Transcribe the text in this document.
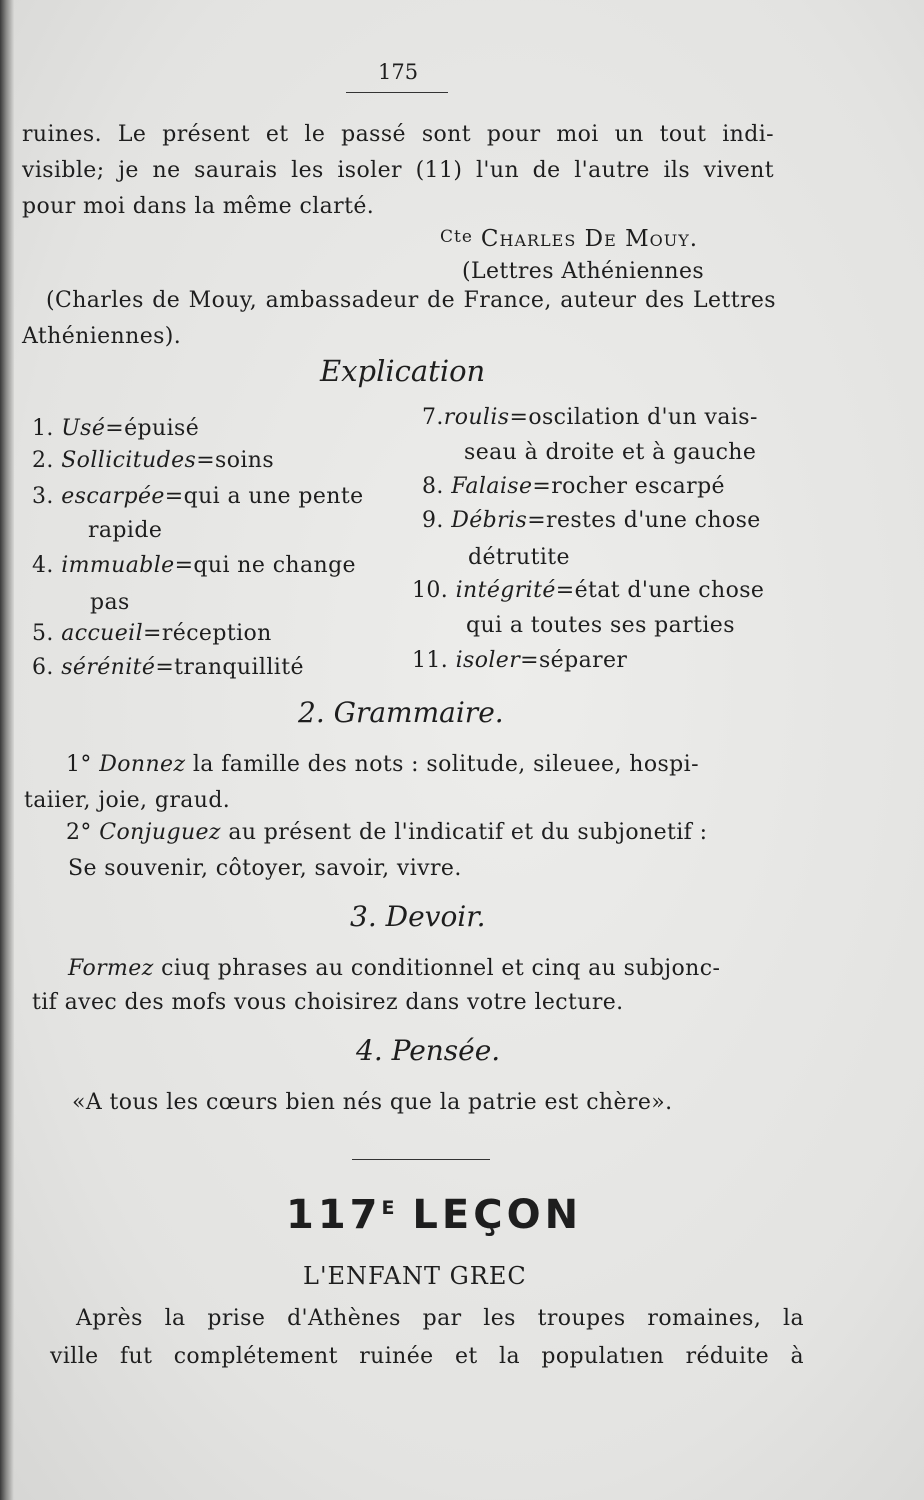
175
ruines. Le présent et le passé sont pour moi un tout indi-
visible; je ne saurais les isoler (11) l'un de l'autre ils vivent
pour moi dans la même clarté.
Cte Charles De Mouy.
(Lettres Athéniennes
(Charles de Mouy, ambassadeur de France, auteur des Lettres
Athéniennes).
Explication
1. Usé=épuisé
2. Sollicitudes=soins
3. escarpée=qui a une pente
rapide
4. immuable=qui ne change
pas
5. accueil=réception
6. sérénité=tranquillité
7.roulis=oscilation d'un vais-
seau à droite et à gauche
8. Falaise=rocher escarpé
9. Débris=restes d'une chose
détrutite
10. intégrité=état d'une chose
qui a toutes ses parties
11. isoler=séparer
2. Grammaire.
1° Donnez la famille des nots : solitude, sileuee, hospi-
taiier, joie, graud.
2° Conjuguez au présent de l'indicatif et du subjonetif :
Se souvenir, côtoyer, savoir, vivre.
3. Devoir.
Formez ciuq phrases au conditionnel et cinq au subjonc-
tif avec des mofs vous choisirez dans votre lecture.
4. Pensée.
«A tous les cœurs bien nés que la patrie est chère».
$117^E$ LEÇON
L'ENFANT GREC
Après la prise d'Athènes par les troupes romaines, la
ville fut complétement ruinée et la populatıen réduite à
